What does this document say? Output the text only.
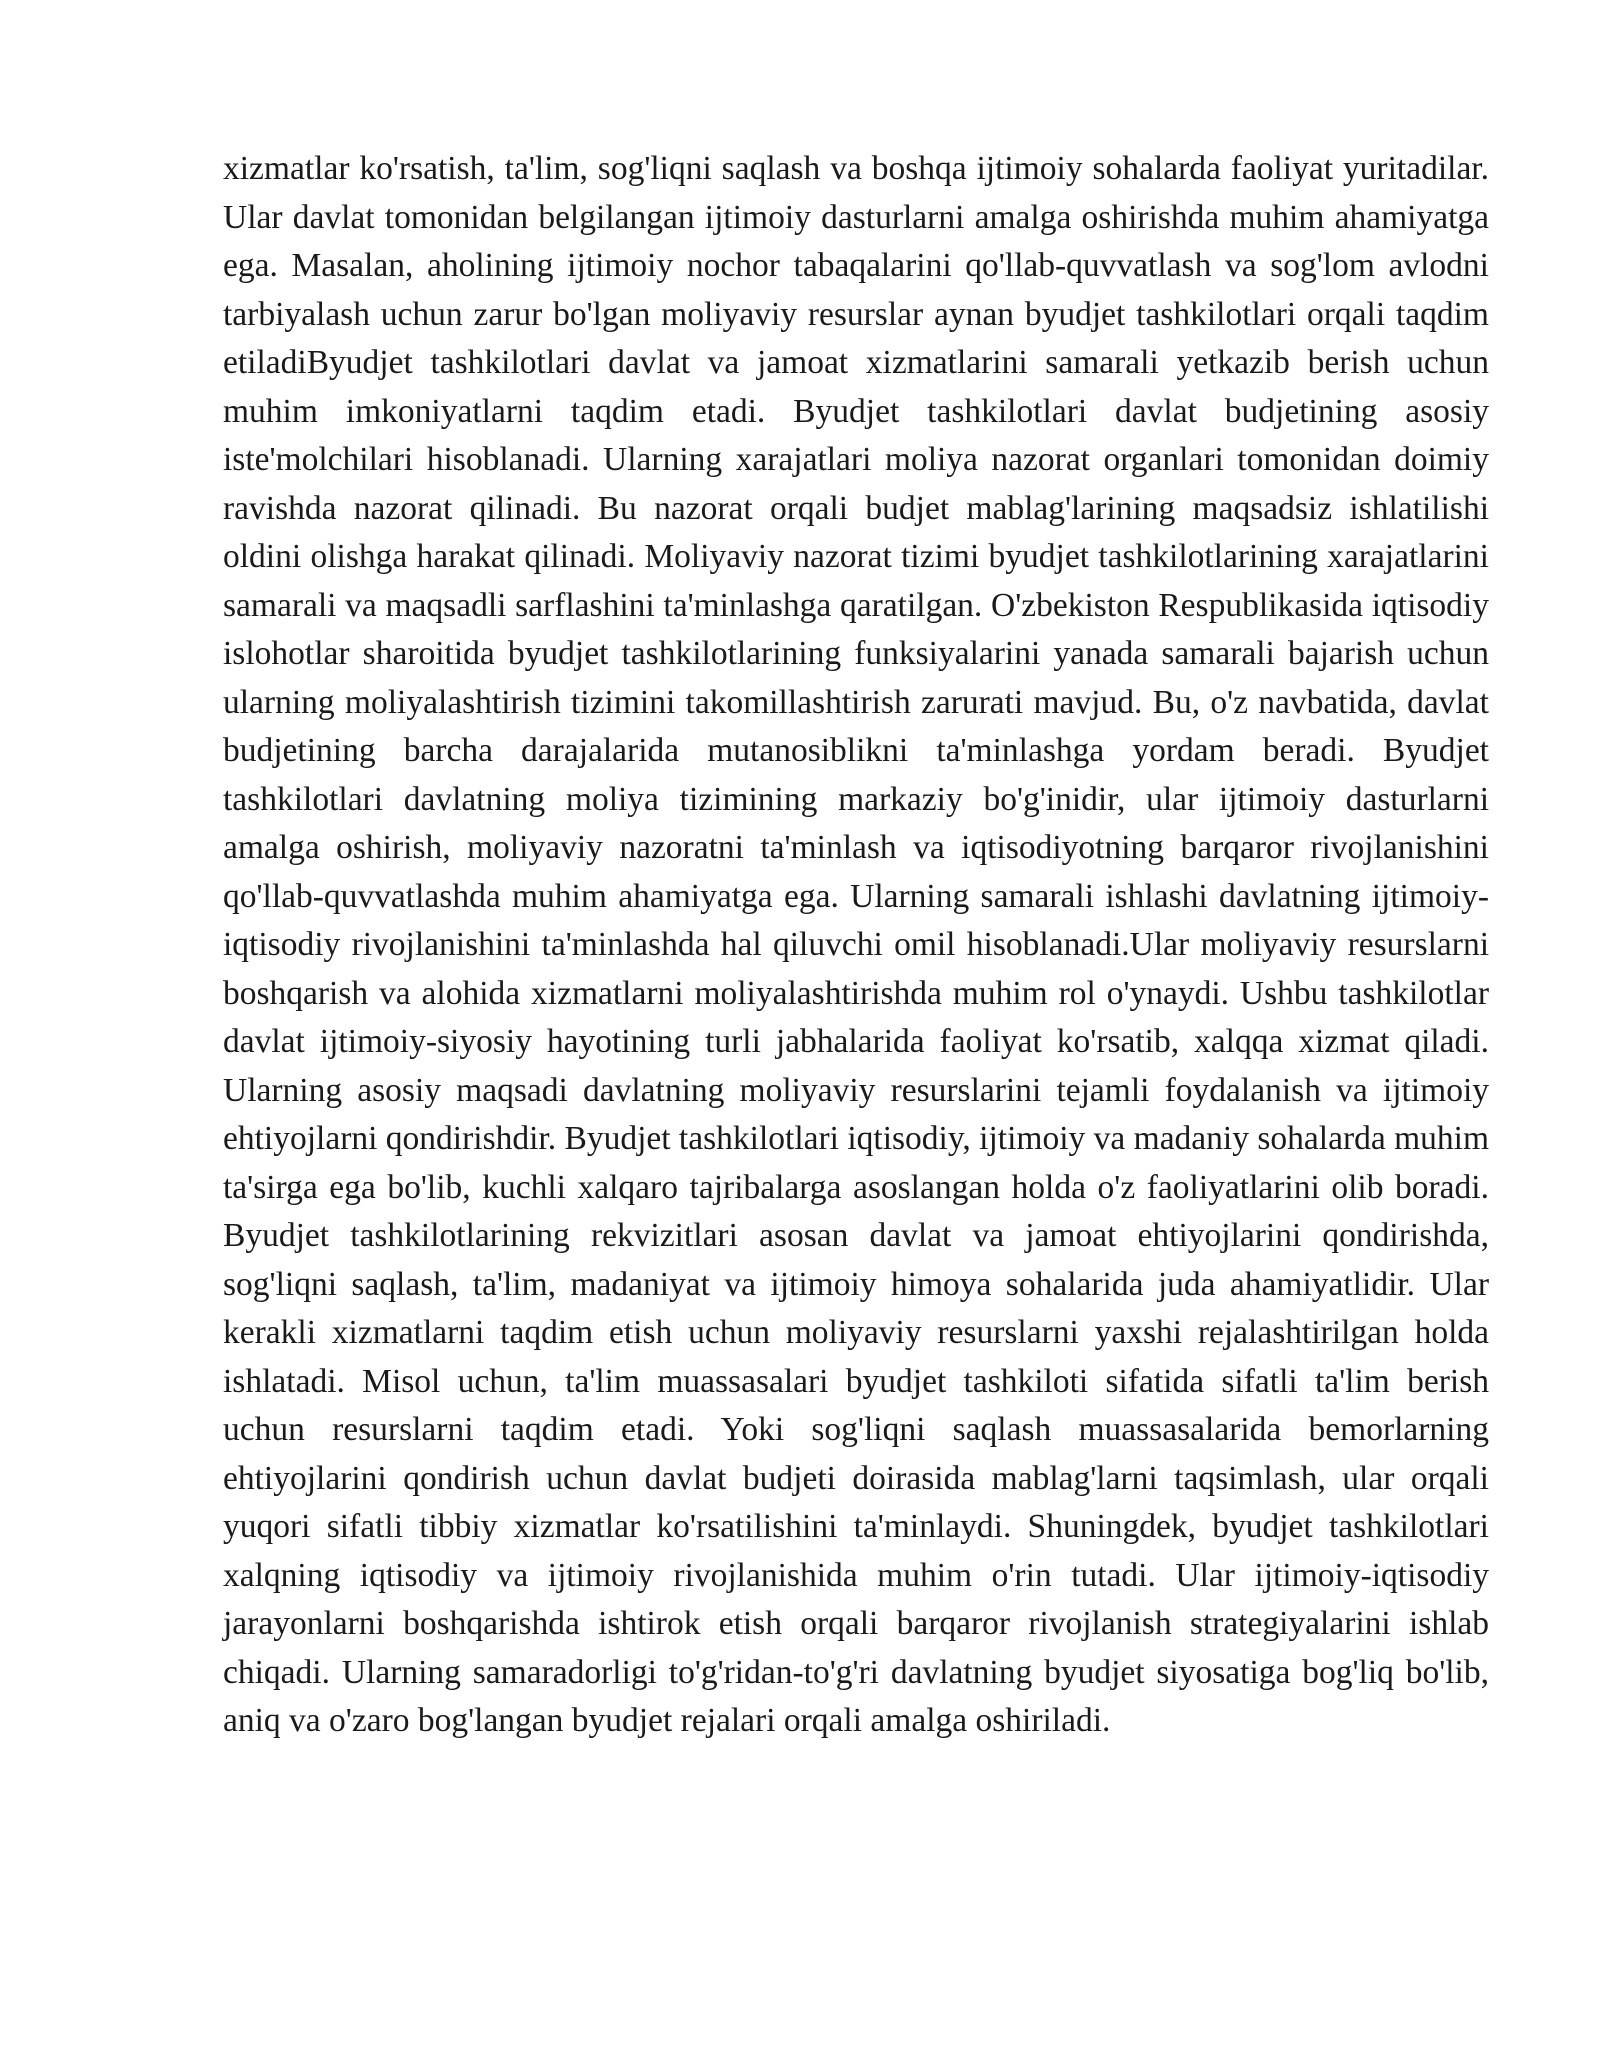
xizmatlar ko'rsatish, ta'lim, sog'liqni saqlash va boshqa ijtimoiy sohalarda faoliyat yuritadilar. Ular davlat tomonidan belgilangan ijtimoiy dasturlarni amalga oshirishda muhim ahamiyatga ega. Masalan, aholining ijtimoiy nochor tabaqalarini qo'llab-quvvatlash va sog'lom avlodni tarbiyalash uchun zarur bo'lgan moliyaviy resurslar aynan byudjet tashkilotlari orqali taqdim etiladiByudjet tashkilotlari davlat va jamoat xizmatlarini samarali yetkazib berish uchun muhim imkoniyatlarni taqdim etadi. Byudjet tashkilotlari davlat budjetining asosiy iste'molchilari hisoblanadi. Ularning xarajatlari moliya nazorat organlari tomonidan doimiy ravishda nazorat qilinadi. Bu nazorat orqali budjet mablag'larining maqsadsiz ishlatilishi oldini olishga harakat qilinadi. Moliyaviy nazorat tizimi byudjet tashkilotlarining xarajatlarini samarali va maqsadli sarflashini ta'minlashga qaratilgan. O'zbekiston Respublikasida iqtisodiy islohotlar sharoitida byudjet tashkilotlarining funksiyalarini yanada samarali bajarish uchun ularning moliyalashtirish tizimini takomillashtirish zarurati mavjud. Bu, o'z navbatida, davlat budjetining barcha darajalarida mutanosiblikni ta'minlashga yordam beradi. Byudjet tashkilotlari davlatning moliya tizimining markaziy bo'g'inidir, ular ijtimoiy dasturlarni amalga oshirish, moliyaviy nazoratni ta'minlash va iqtisodiyotning barqaror rivojlanishini qo'llab-quvvatlashda muhim ahamiyatga ega. Ularning samarali ishlashi davlatning ijtimoiy-iqtisodiy rivojlanishini ta'minlashda hal qiluvchi omil hisoblanadi.Ular moliyaviy resurslarni boshqarish va alohida xizmatlarni moliyalashtirishda muhim rol o'ynaydi. Ushbu tashkilotlar davlat ijtimoiy-siyosiy hayotining turli jabhalarida faoliyat ko'rsatib, xalqqa xizmat qiladi. Ularning asosiy maqsadi davlatning moliyaviy resurslarini tejamli foydalanish va ijtimoiy ehtiyojlarni qondirishdir. Byudjet tashkilotlari iqtisodiy, ijtimoiy va madaniy sohalarda muhim ta'sirga ega bo'lib, kuchli xalqaro tajribalarga asoslangan holda o'z faoliyatlarini olib boradi. Byudjet tashkilotlarining rekvizitlari asosan davlat va jamoat ehtiyojlarini qondirishda, sog'liqni saqlash, ta'lim, madaniyat va ijtimoiy himoya sohalarida juda ahamiyatlidir. Ular kerakli xizmatlarni taqdim etish uchun moliyaviy resurslarni yaxshi rejalashtirilgan holda ishlatadi. Misol uchun, ta'lim muassasalari byudjet tashkiloti sifatida sifatli ta'lim berish uchun resurslarni taqdim etadi. Yoki sog'liqni saqlash muassasalarida bemorlarning ehtiyojlarini qondirish uchun davlat budjeti doirasida mablag'larni taqsimlash, ular orqali yuqori sifatli tibbiy xizmatlar ko'rsatilishini ta'minlaydi. Shuningdek, byudjet tashkilotlari xalqning iqtisodiy va ijtimoiy rivojlanishida muhim o'rin tutadi. Ular ijtimoiy-iqtisodiy jarayonlarni boshqarishda ishtirok etish orqali barqaror rivojlanish strategiyalarini ishlab chiqadi. Ularning samaradorligi to'g'ridan-to'g'ri davlatning byudjet siyosatiga bog'liq bo'lib, aniq va o'zaro bog'langan byudjet rejalari orqali amalga oshiriladi.
